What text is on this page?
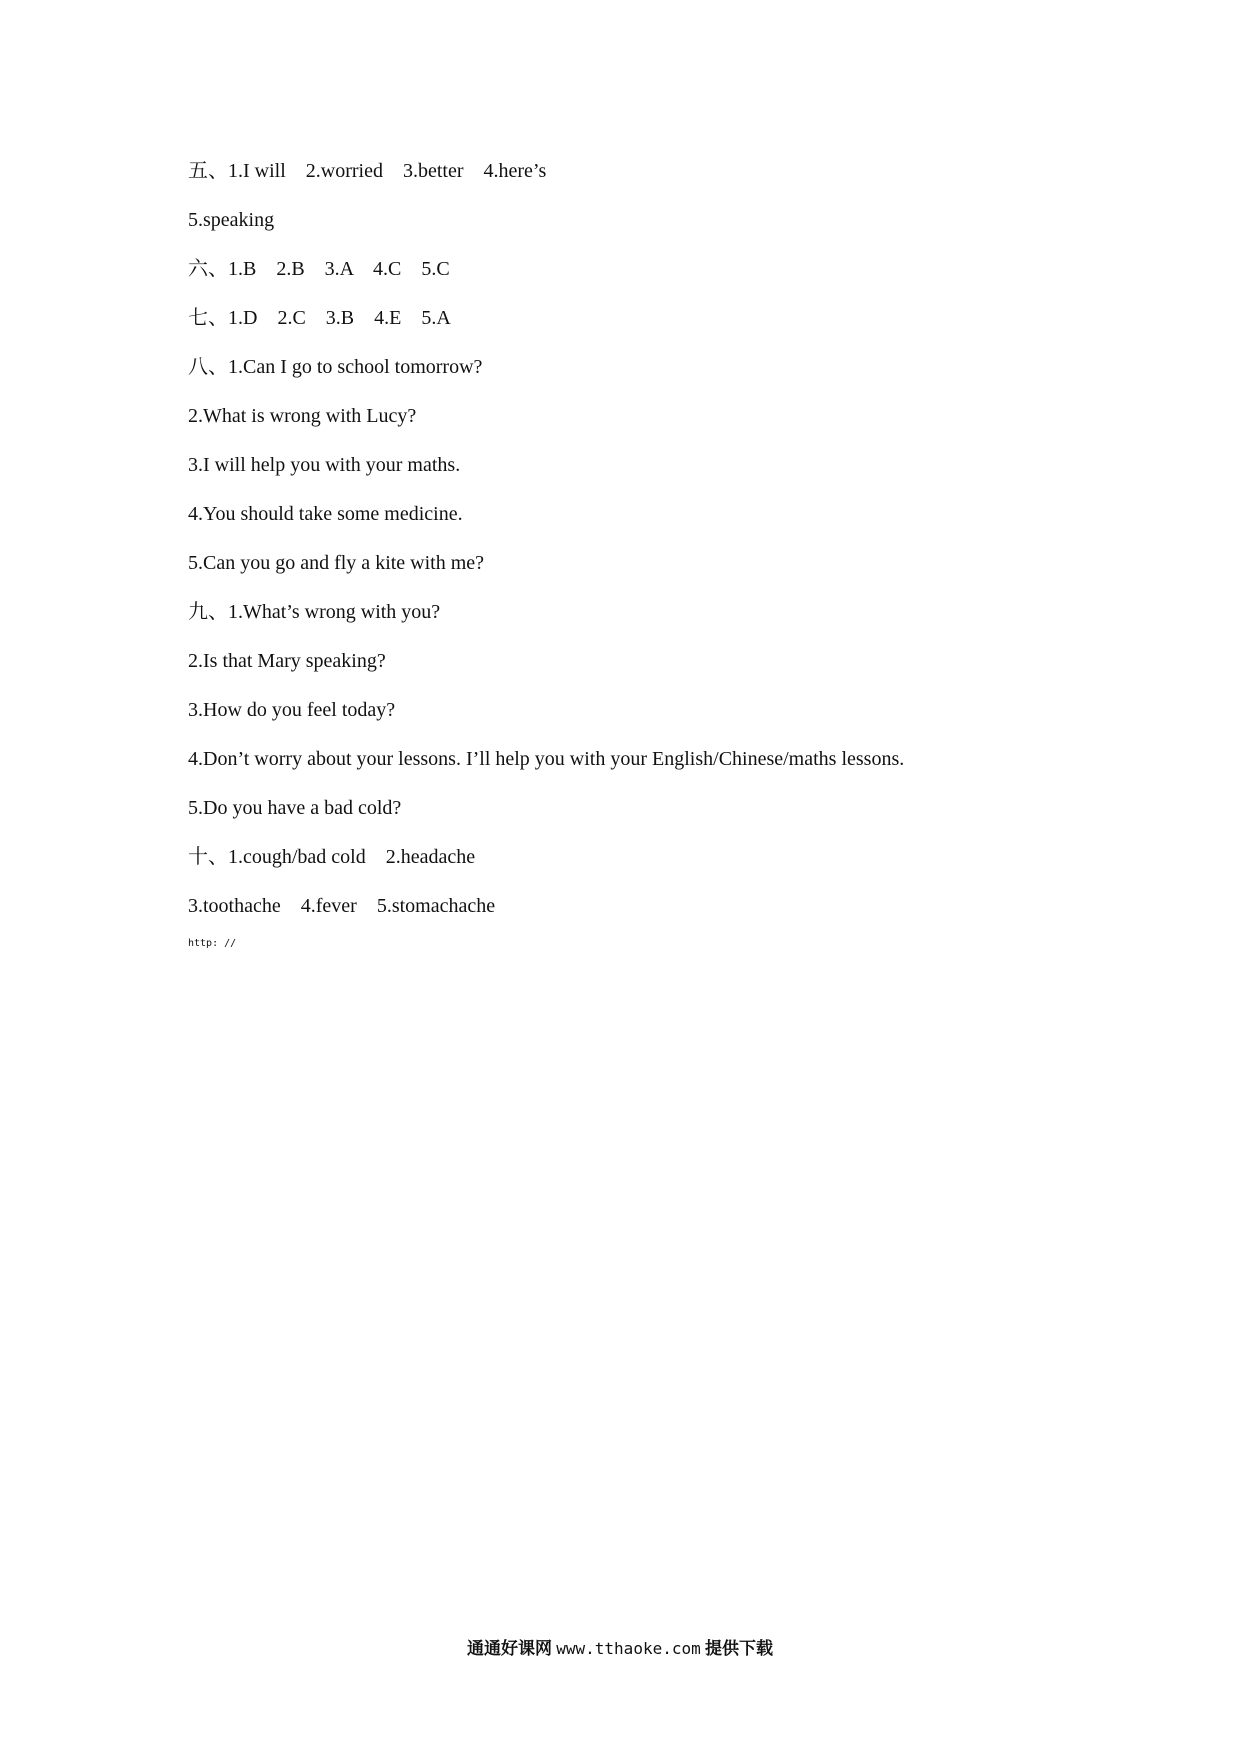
五、1.I will    2.worried    3.better    4.here’s
5.speaking
六、1.B    2.B    3.A    4.C    5.C
七、1.D    2.C    3.B    4.E    5.A
八、1.Can I go to school tomorrow?
2.What is wrong with Lucy?
3.I will help you with your maths.
4.You should take some medicine.
5.Can you go and fly a kite with me?
九、1.What’s wrong with you?
2.Is that Mary speaking?
3.How do you feel today?
4.Don’t worry about your lessons. I’ll help you with your English/Chinese/maths lessons.
5.Do you have a bad cold?
十、1.cough/bad cold    2.headache
3.toothache    4.fever    5.stomachache
http: //
通通好课网 www.tthaoke.com 提供下载
